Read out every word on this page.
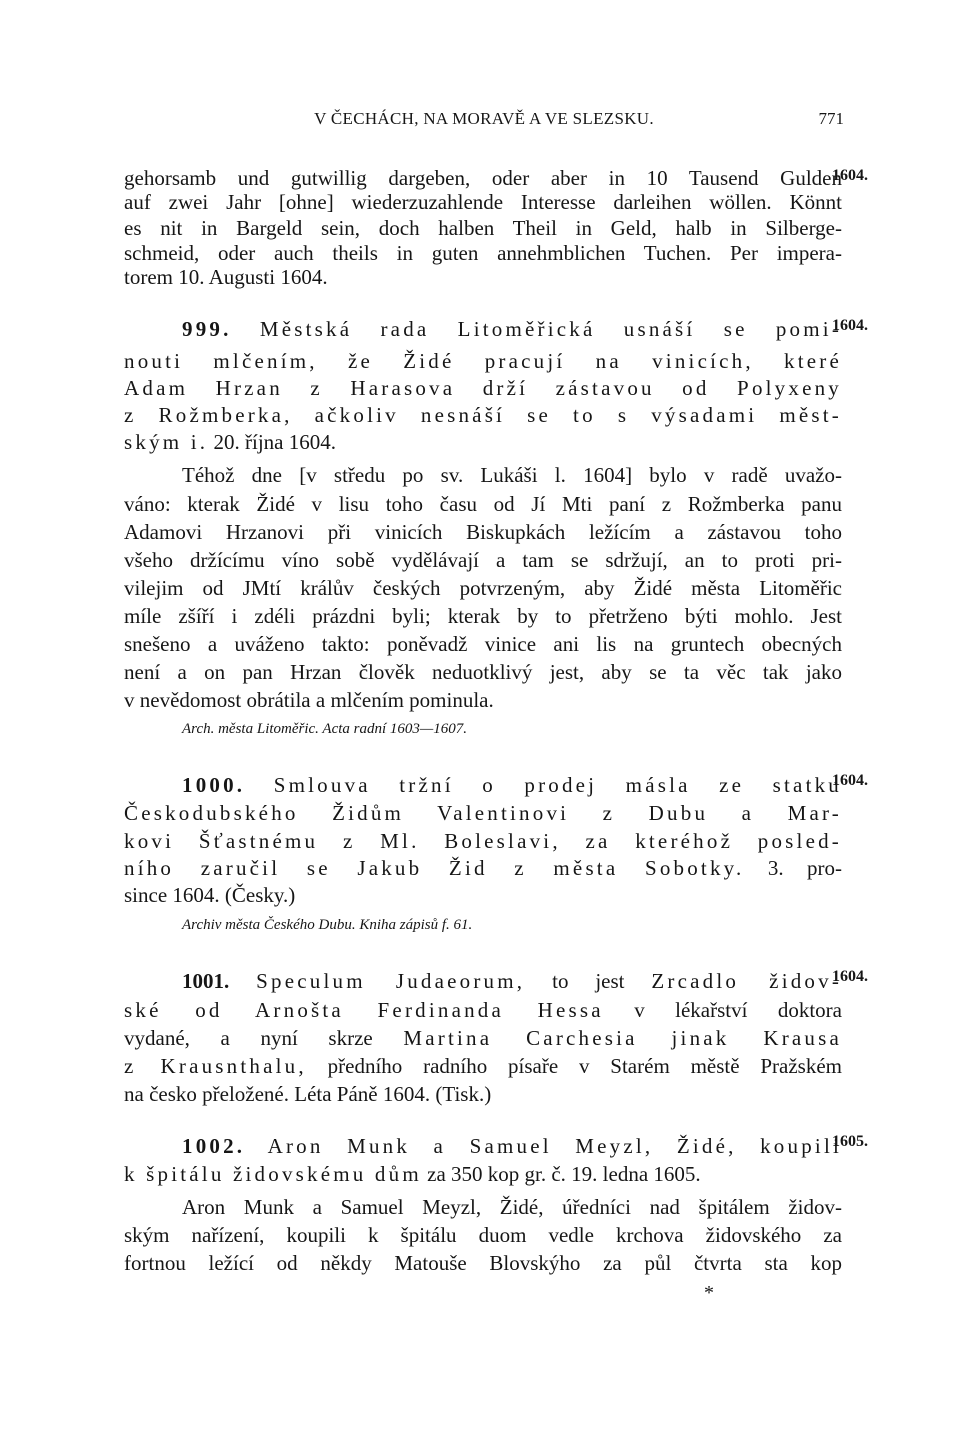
V ČECHÁCH, NA MORAVĚ A VE SLEZSKU.	771
1604.
1604.
1604.
1604.
1605.
gehorsamb und gutwillig dargeben, oder aber in 10 Tausend Gulden
auf zwei Jahr [ohne] wiederzuzahlende Interesse darleihen wöllen. Könnt
es nit in Bargeld sein, doch halben Theil in Geld, halb in Silberge-
schmeid, oder auch theils in guten annehmblichen Tuchen. Per impera-
torem 10. Augusti 1604.
999. Městská rada Litoměřická usnáší se pomi-
nouti mlčením, že Židé pracují na vinicích, které
Adam Hrzan z Harasova drží zástavou od Polyxeny
z Rožmberka, ačkoliv nesnáší se to s výsadami měst-
ským i. 20. října 1604.
Téhož dne [v středu po sv. Lukáši l. 1604] bylo v radě uvažo-
váno: kterak Židé v lisu toho času od Jí Mti paní z Rožmberka panu
Adamovi Hrzanovi při vinicích Biskupkách ležícím a zástavou toho
všeho držícímu víno sobě vydělávají a tam se sdržují, an to proti pri-
vilejim od JMtí králův českých potvrzeným, aby Židé města Litoměřic
míle zšíří i zdéli prázdni byli; kterak by to přetrženo býti mohlo. Jest
snešeno a uváženo takto: poněvadž vinice ani lis na gruntech obecných
není a on pan Hrzan člověk neduotklivý jest, aby se ta věc tak jako
v nevědomost obrátila a mlčením pominula.
Arch. města Litoměřic. Acta radní 1603—1607.
1000. Smlouva tržní o prodej másla ze statku
Českodubského Židům Valentinovi z Dubu a Mar-
kovi Šťastnému z Ml. Boleslavi, za kteréhož posled-
ního zaručil se Jakub Žid z města Sobotky. 3. pro-
since 1604. (Česky.)
Archiv města Českého Dubu. Kniha zápisů f. 61.
1001. Speculum Judaeorum, to jest Zrcadlo židov-
ské od Arnošta Ferdinanda Hessa v lékařství doktora
vydané, a nyní skrze Martina Carchesia jinak Krausa
z Krausnthalu, předního radního písaře v Starém městě Pražském
na česko přeložené. Léta Páně 1604. (Tisk.)
1002. Aron Munk a Samuel Meyzl, Židé, koupili
k špitálu židovskému dům za 350 kop gr. č. 19. ledna 1605.
Aron Munk a Samuel Meyzl, Židé, úředníci nad špitálem židov-
ským nařízení, koupili k špitálu duom vedle krchova židovského za
fortnou ležící od někdy Matouše Blovskýho za půl čtvrta sta kop
*
